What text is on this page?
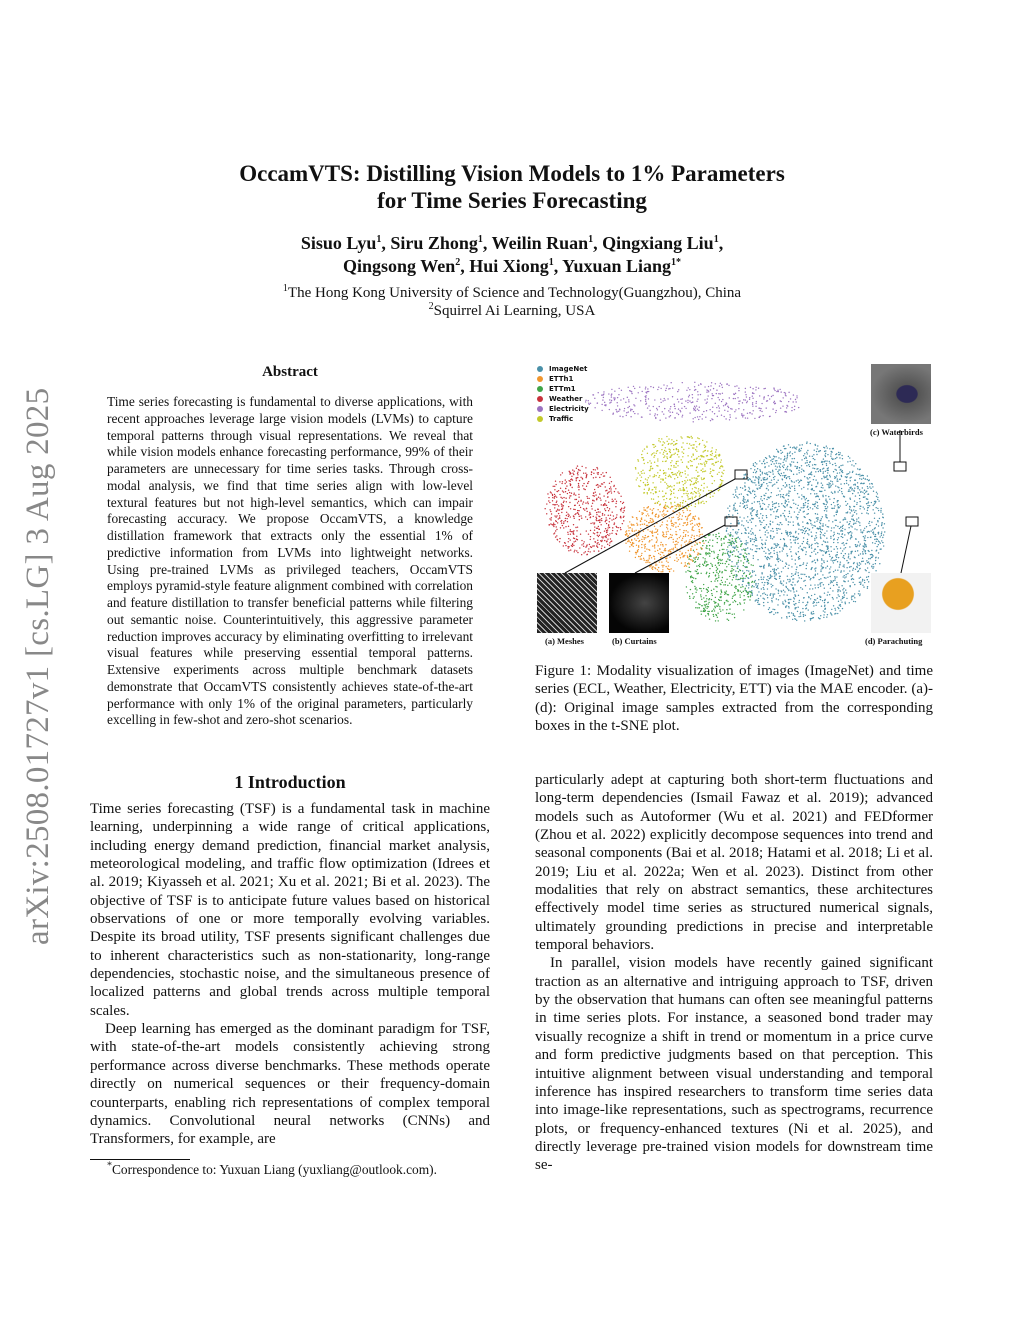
arXiv:2508.01727v1 [cs.LG] 3 Aug 2025
OccamVTS: Distilling Vision Models to 1% Parameters
for Time Series Forecasting
Sisuo Lyu$^1$, Siru Zhong$^1$, Weilin Ruan$^1$, Qingxiang Liu$^1$,
Qingsong Wen$^2$, Hui Xiong$^1$, Yuxuan Liang$^{1*}$
$^1$The Hong Kong University of Science and Technology(Guangzhou), China
$^2$Squirrel Ai Learning, USA
Abstract
Time series forecasting is fundamental to diverse applications, with recent approaches leverage large vision models (LVMs) to capture temporal patterns through visual representations. We reveal that while vision models enhance forecasting performance, 99% of their parameters are unnecessary for time series tasks. Through cross-modal analysis, we find that time series align with low-level textural features but not high-level semantics, which can impair forecasting accuracy. We propose OccamVTS, a knowledge distillation framework that extracts only the essential 1% of predictive information from LVMs into lightweight networks. Using pre-trained LVMs as privileged teachers, OccamVTS employs pyramid-style feature alignment combined with correlation and feature distillation to transfer beneficial patterns while filtering out semantic noise. Counterintuitively, this aggressive parameter reduction improves accuracy by eliminating overfitting to irrelevant visual features while preserving essential temporal patterns. Extensive experiments across multiple benchmark datasets demonstrate that OccamVTS consistently achieves state-of-the-art performance with only 1% of the original parameters, particularly excelling in few-shot and zero-shot scenarios.
ImageNet
ETTh1
ETTm1
Weather
Electricity
Traffic
(a) Meshes	(b) Curtains
(c) Waterbirds
(d) Parachuting
Figure 1: Modality visualization of images (ImageNet) and time series (ECL, Weather, Electricity, ETT) via the MAE encoder. (a)-(d): Original image samples extracted from the corresponding boxes in the t-SNE plot.
1 Introduction

Time series forecasting (TSF) is a fundamental task in machine learning, underpinning a wide range of critical applications, including energy demand prediction, financial market analysis, meteorological modeling, and traffic flow optimization (Idrees et al. 2019; Kiyasseh et al. 2021; Xu et al. 2021; Bi et al. 2023). The objective of TSF is to anticipate future values based on historical observations of one or more temporally evolving variables. Despite its broad utility, TSF presents significant challenges due to inherent characteristics such as non-stationarity, long-range dependencies, stochastic noise, and the simultaneous presence of localized patterns and global trends across multiple temporal scales.

Deep learning has emerged as the dominant paradigm for TSF, with state-of-the-art models consistently achieving strong performance across diverse benchmarks. These methods operate directly on numerical sequences or their frequency-domain counterparts, enabling rich representations of complex temporal dynamics. Convolutional neural networks (CNNs) and Transformers, for example, are

particularly adept at capturing both short-term fluctuations and long-term dependencies (Ismail Fawaz et al. 2019); advanced models such as Autoformer (Wu et al. 2021) and FEDformer (Zhou et al. 2022) explicitly decompose sequences into trend and seasonal components (Bai et al. 2018; Hatami et al. 2018; Li et al. 2019; Liu et al. 2022a; Wen et al. 2023). Distinct from other modalities that rely on abstract semantics, these architectures effectively model time series as structured numerical signals, ultimately grounding predictions in precise and interpretable temporal behaviors.

In parallel, vision models have recently gained significant traction as an alternative and intriguing approach to TSF, driven by the observation that humans can often see meaningful patterns in time series plots. For instance, a seasoned bond trader may visually recognize a shift in trend or momentum in a price curve and form predictive judgments based on that perception. This intuitive alignment between visual understanding and temporal inference has inspired researchers to transform time series data into image-like representations, such as spectrograms, recurrence plots, or frequency-enhanced textures (Ni et al. 2025), and directly leverage pre-trained vision models for downstream time se-

*Correspondence to: Yuxuan Liang (yuxliang@outlook.com).
